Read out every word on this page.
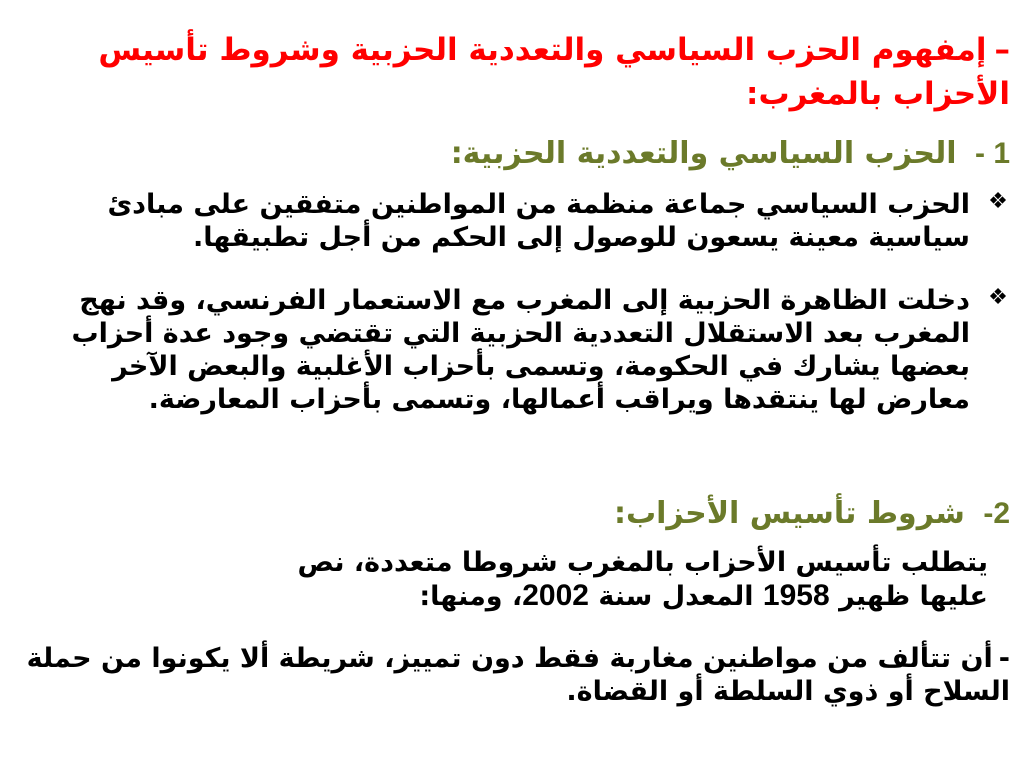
–إمفهوم الحزب السياسي والتعددية الحزبية وشروط تأسيس الأحزاب بالمغرب:
1 - الحزب السياسي والتعددية الحزبية:
❖
الحزب السياسي جماعة منظمة من المواطنين متفقين على مبادئ سياسية معينة يسعون للوصول إلى الحكم من أجل تطبيقها.
❖
دخلت الظاهرة الحزبية إلى المغرب مع الاستعمار الفرنسي، وقد نهج المغرب بعد الاستقلال التعددية الحزبية التي تقتضي وجود عدة أحزاب بعضها يشارك في الحكومة، وتسمى بأحزاب الأغلبية والبعض الآخر معارض لها ينتقدها ويراقب أعمالها، وتسمى بأحزاب المعارضة.
2- شروط تأسيس الأحزاب:
يتطلب تأسيس الأحزاب بالمغرب شروطا متعددة، نص
عليها ظهير 1958 المعدل سنة 2002، ومنها:
-أن تتألف من مواطنين مغاربة فقط دون تمييز، شريطة ألا يكونوا من حملة السلاح أو ذوي السلطة أو القضاة.
